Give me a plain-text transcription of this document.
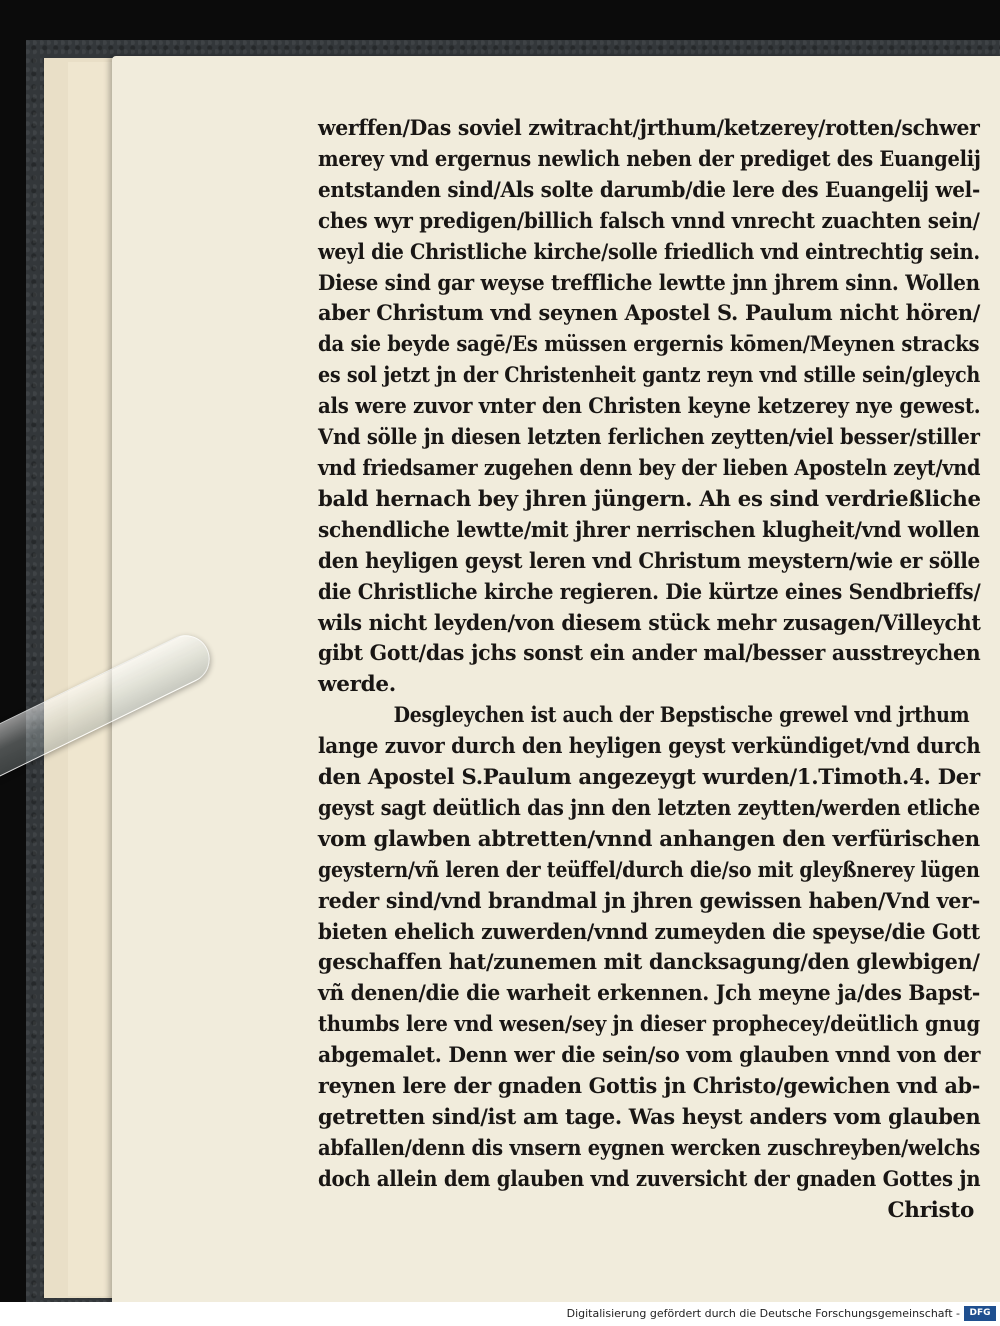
werffen/Das soviel zwitracht/jrthum/ketzerey/rotten/schwer
merey vnd ergernus newlich neben der prediget des Euangelij
entstanden sind/Als solte darumb/die lere des Euangelij wel-
ches wyr predigen/billich falsch vnnd vnrecht zuachten sein/
weyl die Christliche kirche/solle friedlich vnd eintrechtig sein.
Diese sind gar weyse treffliche lewtte jnn jhrem sinn. Wollen
aber Christum vnd seynen Apostel S. Paulum nicht hören/
da sie beyde sagē/Es müssen ergernis kōmen/Meynen stracks
es sol jetzt jn der Christenheit gantz reyn vnd stille sein/gleych
als were zuvor vnter den Christen keyne ketzerey nye gewest.
Vnd sölle jn diesen letzten ferlichen zeytten/viel besser/stiller
vnd friedsamer zugehen denn bey der lieben Aposteln zeyt/vnd
bald hernach bey jhren jüngern. Ah es sind verdrießliche
schendliche lewtte/mit jhrer nerrischen klugheit/vnd wollen
den heyligen geyst leren vnd Christum meystern/wie er sölle
die Christliche kirche regieren. Die kürtze eines Sendbrieffs/
wils nicht leyden/von diesem stück mehr zusagen/Villeycht
gibt Gott/das jchs sonst ein ander mal/besser ausstreychen
werde.
Desgleychen ist auch der Bepstische grewel vnd jrthum
lange zuvor durch den heyligen geyst verkündiget/vnd durch
den Apostel S.Paulum angezeygt wurden/1.Timoth.4. Der
geyst sagt deütlich das jnn den letzten zeytten/werden etliche
vom glawben abtretten/vnnd anhangen den verfürischen
geystern/vñ leren der teüffel/durch die/so mit gleyßnerey lügen
reder sind/vnd brandmal jn jhren gewissen haben/Vnd ver-
bieten ehelich zuwerden/vnnd zumeyden die speyse/die Gott
geschaffen hat/zunemen mit dancksagung/den glewbigen/
vñ denen/die die warheit erkennen. Jch meyne ja/des Bapst-
thumbs lere vnd wesen/sey jn dieser prophecey/deütlich gnug
abgemalet. Denn wer die sein/so vom glauben vnnd von der
reynen lere der gnaden Gottis jn Christo/gewichen vnd ab-
getretten sind/ist am tage. Was heyst anders vom glauben
abfallen/denn dis vnsern eygnen wercken zuschreyben/welchs
doch allein dem glauben vnd zuversicht der gnaden Gottes jn
Christo
Digitalisierung gefördert durch die Deutsche Forschungsgemeinschaft -	DFG
